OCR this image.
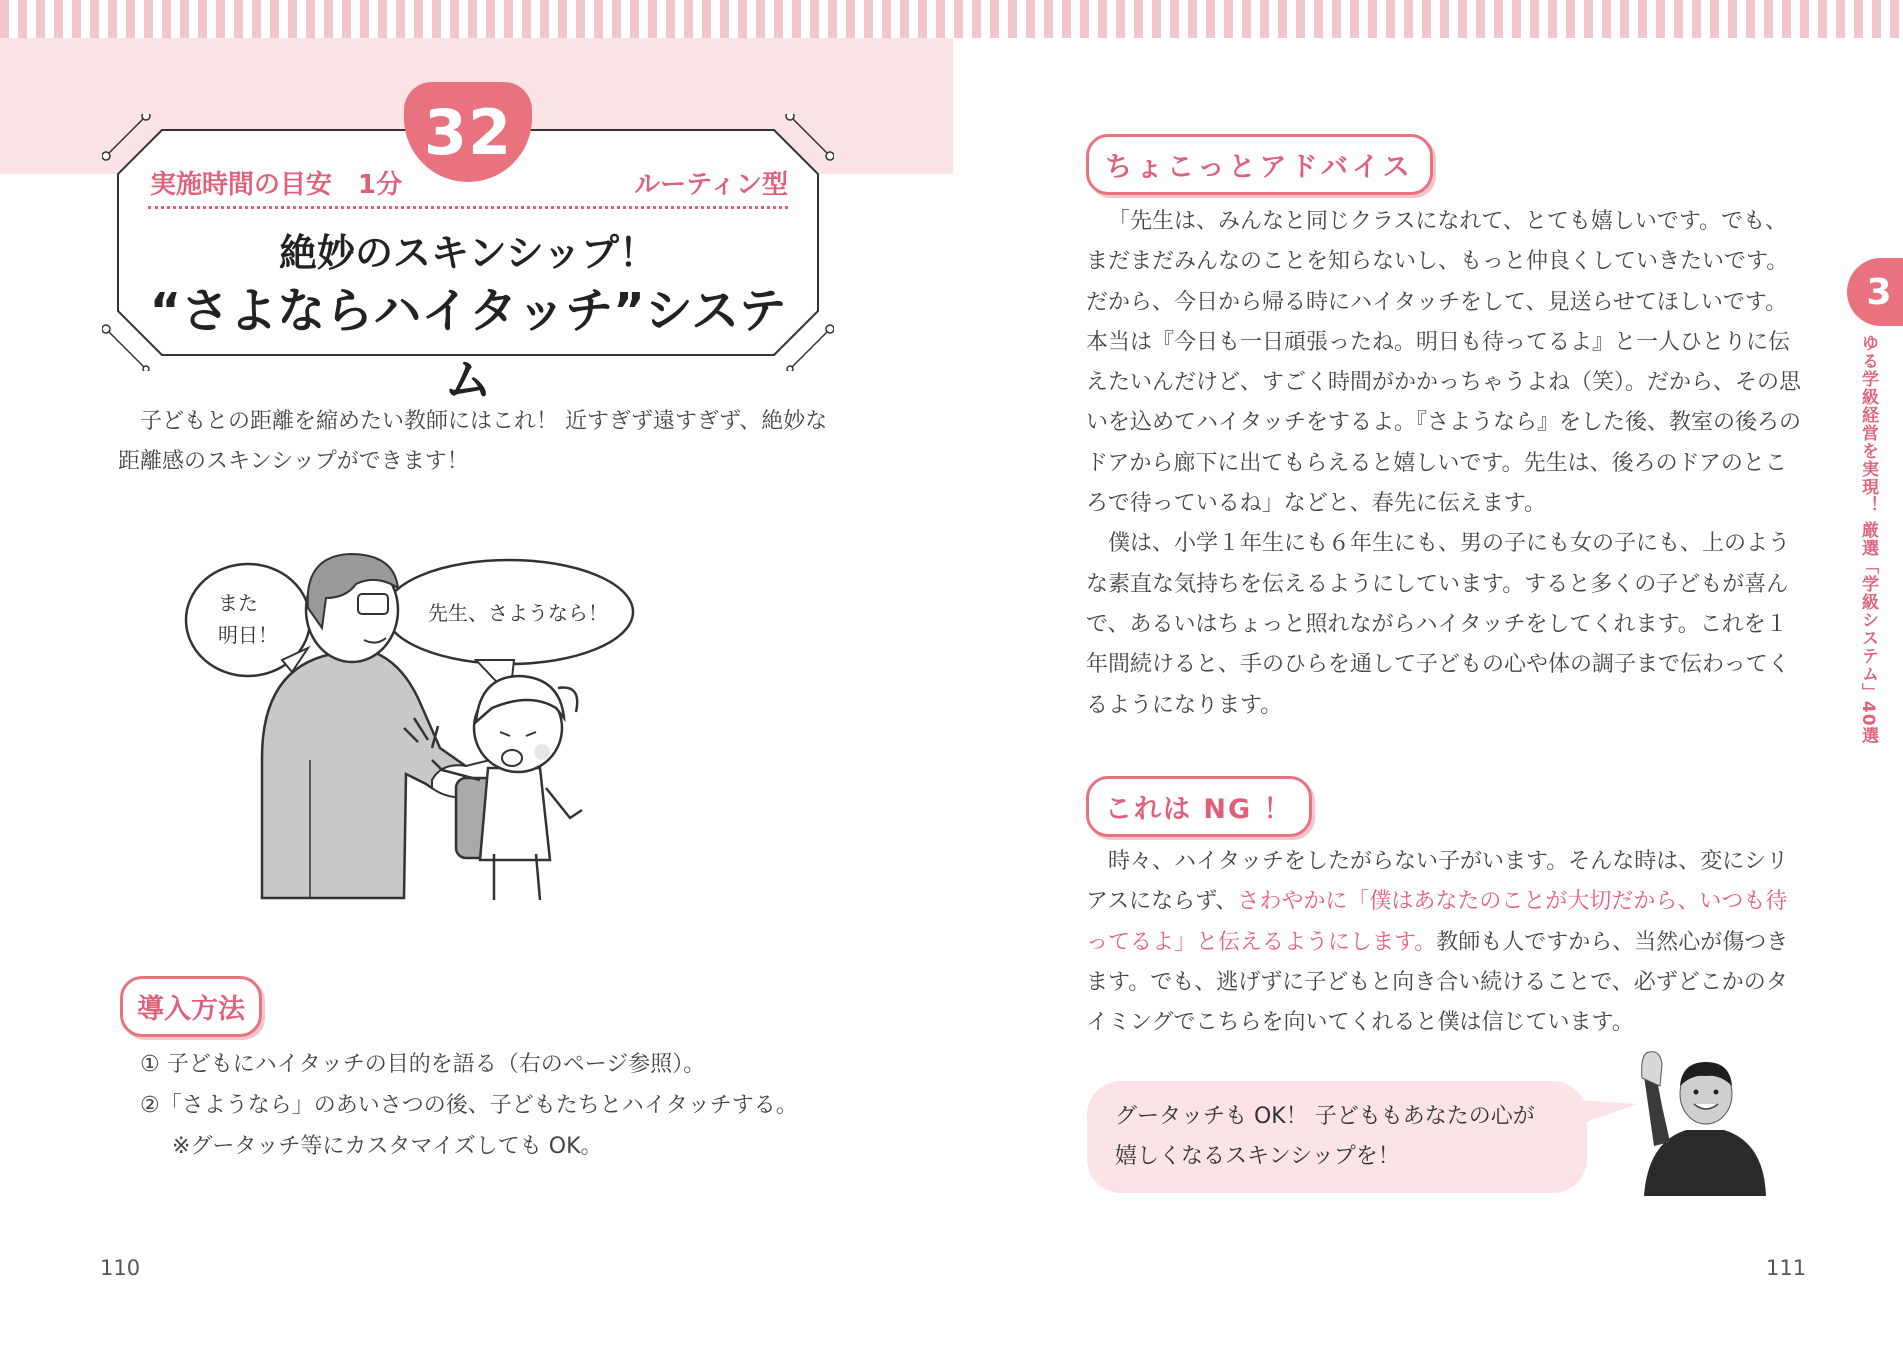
32
実施時間の目安　1分	ルーティン型
絶妙のスキンシップ！
“さよならハイタッチ”システム
子どもとの距離を縮めたい教師にはこれ！ 近すぎず遠すぎず、絶妙な距離感のスキンシップができます！
また
明日！
先生、さようなら！
導入方法
① 子どもにハイタッチの目的を語る（右のページ参照）。
②「さようなら」のあいさつの後、子どもたちとハイタッチする。
※グータッチ等にカスタマイズしても OK。
110
ちょこっとアドバイス

「先生は、みんなと同じクラスになれて、とても嬉しいです。でも、まだまだみんなのことを知らないし、もっと仲良くしていきたいです。だから、今日から帰る時にハイタッチをして、見送らせてほしいです。本当は『今日も一日頑張ったね。明日も待ってるよ』と一人ひとりに伝えたいんだけど、すごく時間がかかっちゃうよね（笑）。だから、その思いを込めてハイタッチをするよ。『さようなら』をした後、教室の後ろのドアから廊下に出てもらえると嬉しいです。先生は、後ろのドアのところで待っているね」などと、春先に伝えます。

僕は、小学１年生にも６年生にも、男の子にも女の子にも、上のような素直な気持ちを伝えるようにしています。すると多くの子どもが喜んで、あるいはちょっと照れながらハイタッチをしてくれます。これを１年間続けると、手のひらを通して子どもの心や体の調子まで伝わってくるようになります。

これは NG ！

時々、ハイタッチをしたがらない子がいます。そんな時は、変にシリアスにならず、さわやかに「僕はあなたのことが大切だから、いつも待ってるよ」と伝えるようにします。教師も人ですから、当然心が傷つきます。でも、逃げずに子どもと向き合い続けることで、必ずどこかのタイミングでこちらを向いてくれると僕は信じています。

グータッチも OK！ 子どももあなたの心が
嬉しくなるスキンシップを！
111
3
ゆる学級経営を実現！ 厳選「学級システム」40選
